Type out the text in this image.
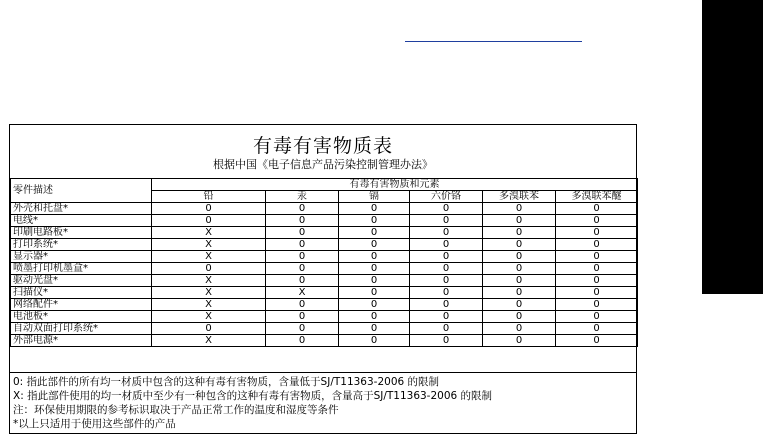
有毒有害物质表
根据中国《电子信息产品污染控制管理办法》
零件描述	有毒有害物质和元素					
	铅	汞	镉	六价铬	多溴联苯	多溴联苯醚
外壳和托盘*	0	0	0	0	0	0
电线*	0	0	0	0	0	0
印刷电路板*	X	0	0	0	0	0
打印系统*	X	0	0	0	0	0
显示器*	X	0	0	0	0	0
喷墨打印机墨盒*	0	0	0	0	0	0
驱动光盘*	X	0	0	0	0	0
扫描仪*	X	X	0	0	0	0
网络配件*	X	0	0	0	0	0
电池板*	X	0	0	0	0	0
自动双面打印系统*	0	0	0	0	0	0
外部电源*	X	0	0	0	0	0
0: 指此部件的所有均一材质中包含的这种有毒有害物质，含量低于SJ/T11363-2006 的限制
X: 指此部件使用的均一材质中至少有一种包含的这种有毒有害物质，含量高于SJ/T11363-2006 的限制
注：环保使用期限的参考标识取决于产品正常工作的温度和湿度等条件
*以上只适用于使用这些部件的产品
